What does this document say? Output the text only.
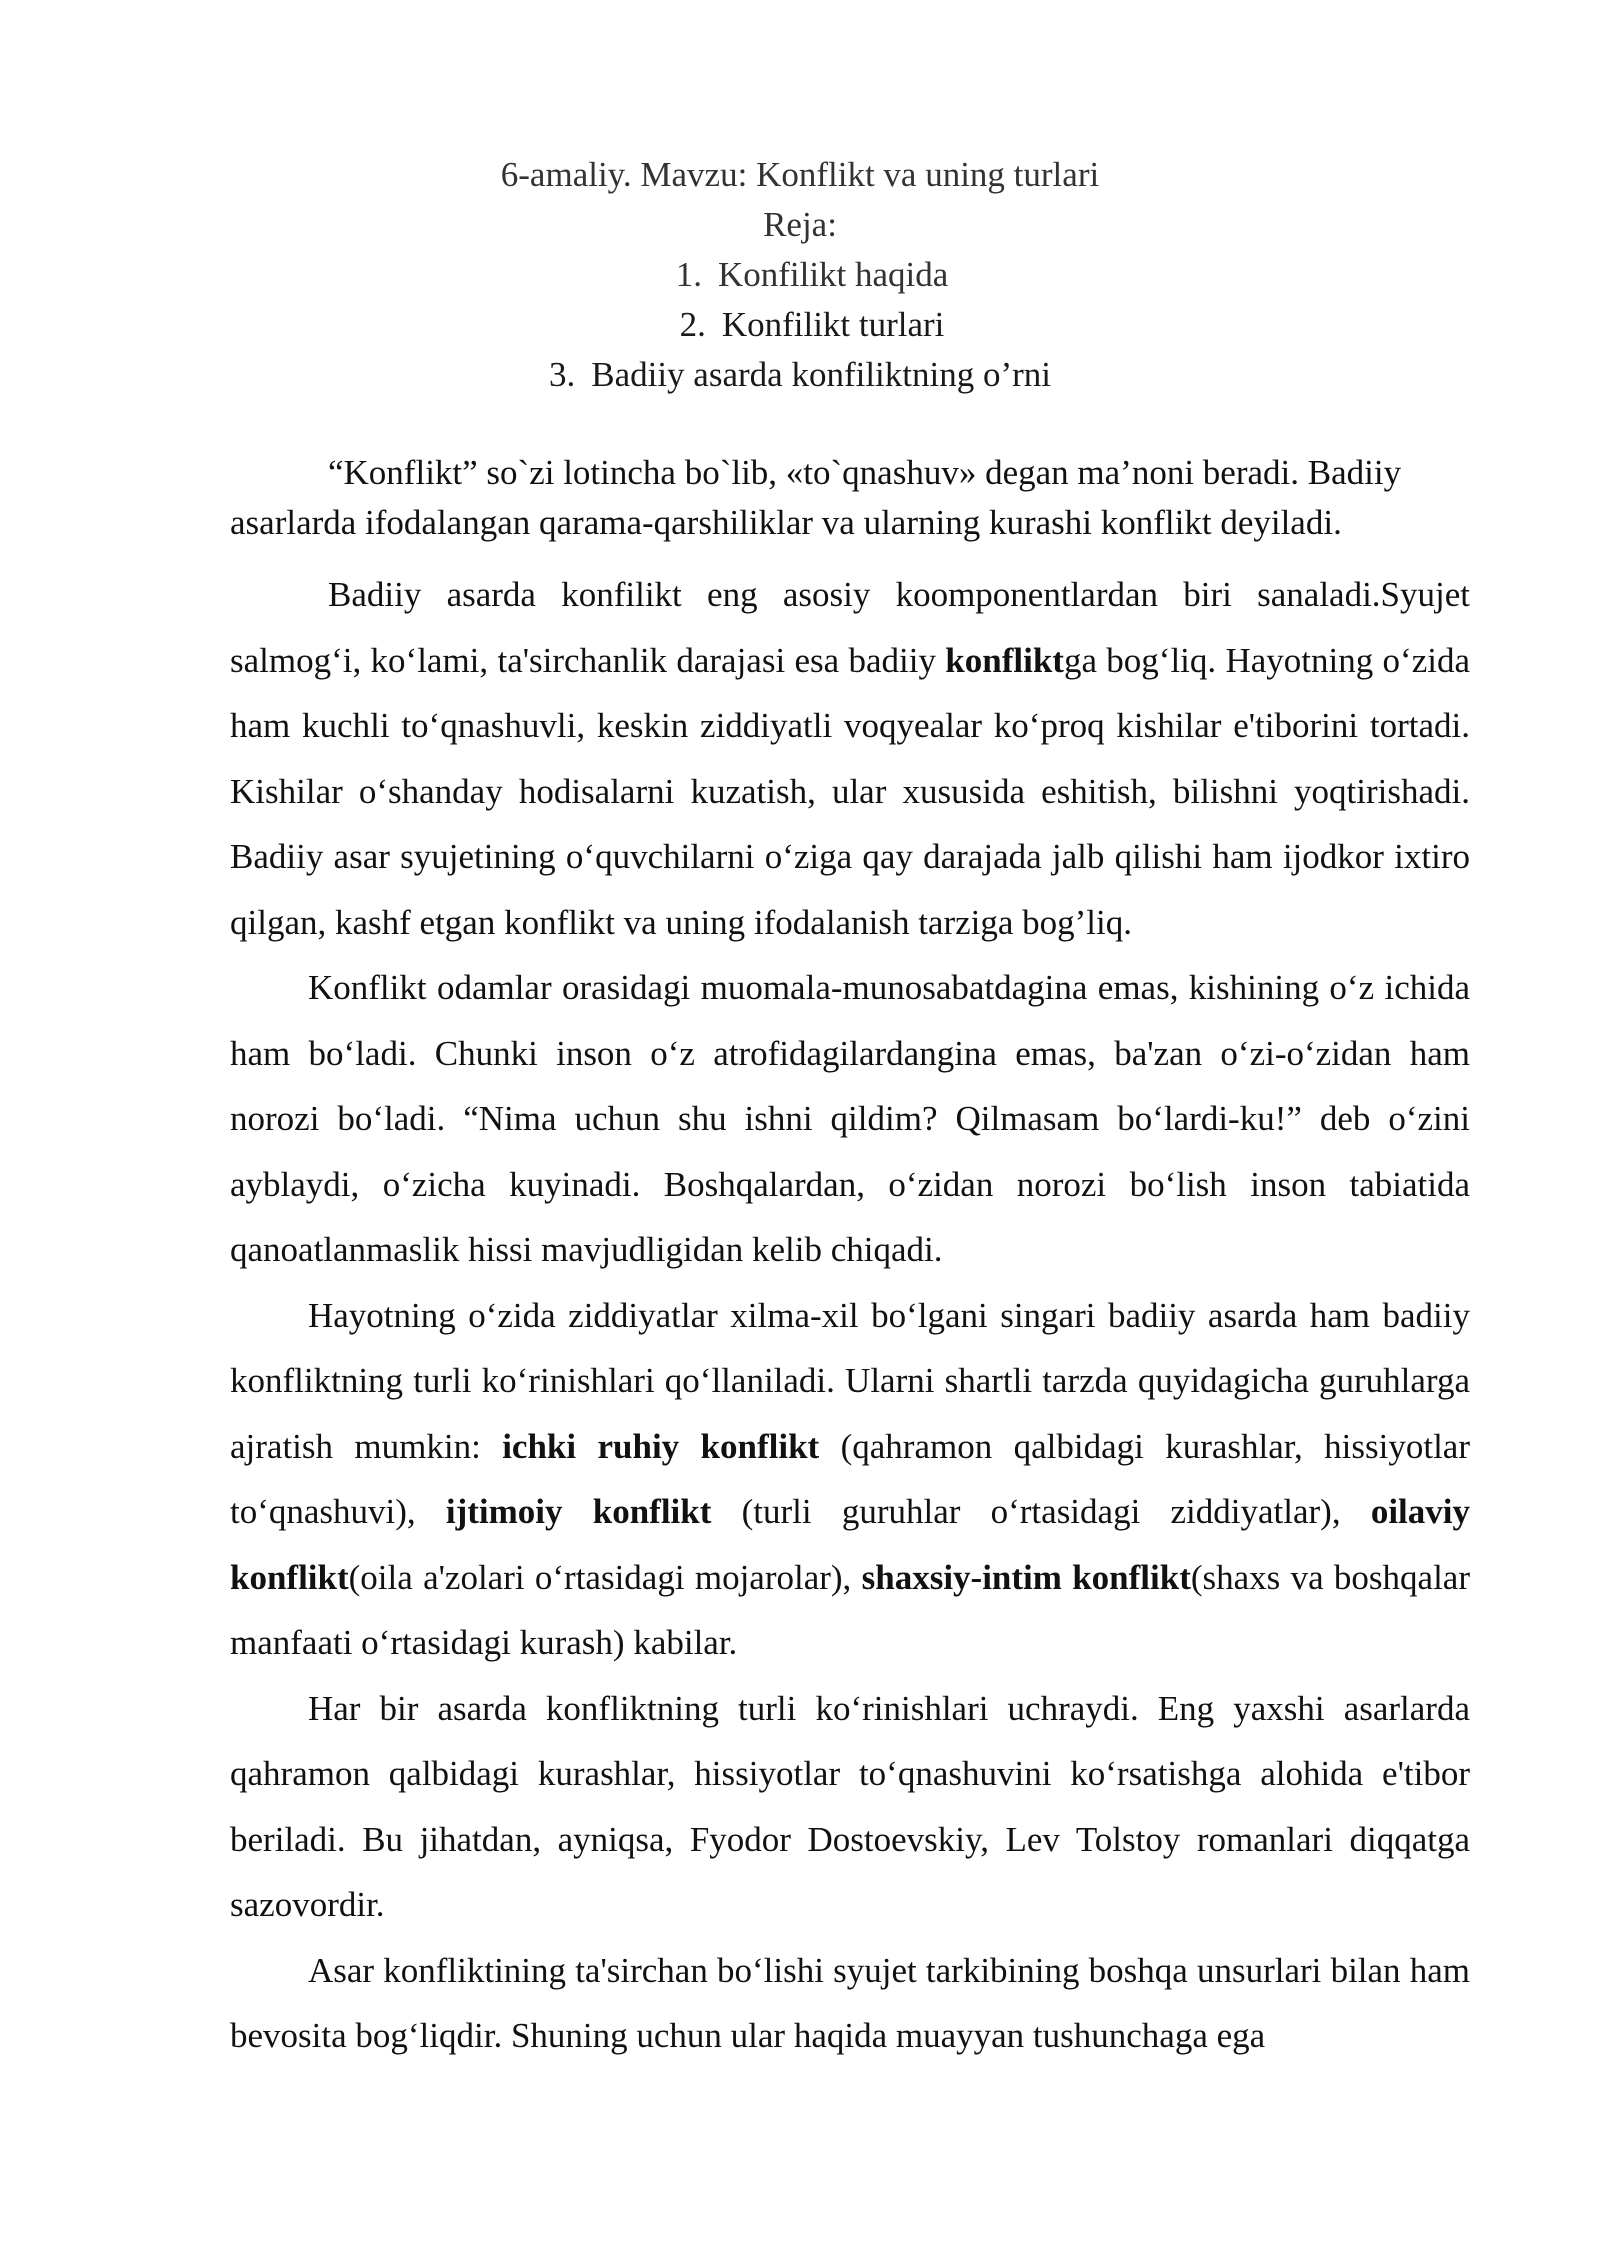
6-amaliy. Mavzu: Konflikt va uning turlari
Reja:
1. Konfilikt haqida
2. Konfilikt turlari
3. Badiiy asarda konfiliktning o’rni

“Konflikt” so`zi lotincha bo`lib, «to`qnashuv» degan ma’noni beradi. Badiiy

asarlarda ifodalangan qarama-qarshiliklar va ularning kurashi konflikt deyiladi.

Badiiy asarda konfilikt eng asosiy koomponentlardan biri sanaladi.Syujet salmog‘i, ko‘lami, ta'sirchanlik darajasi esa badiiy konfliktga bog‘liq. Hayotning o‘zida ham kuchli to‘qnashuvli, keskin ziddiyatli voqyealar ko‘proq kishilar e'tiborini tortadi. Kishilar o‘shanday hodisalarni kuzatish, ular xususida eshitish, bilishni yoqtirishadi. Badiiy asar syujetining o‘quvchilarni o‘ziga qay darajada jalb qilishi ham ijodkor ixtiro qilgan, kashf etgan konflikt va uning ifodalanish tarziga bog’liq.

Konflikt odamlar orasidagi muomala-munosabatdagina emas, kishining o‘z ichida ham bo‘ladi. Chunki inson o‘z atrofidagilardangina emas, ba'zan o‘zi-o‘zidan ham norozi bo‘ladi. “Nima uchun shu ishni qildim? Qilmasam bo‘lardi-ku!” deb o‘zini ayblaydi, o‘zicha kuyinadi. Boshqalardan, o‘zidan norozi bo‘lish inson tabiatida qanoatlanmaslik hissi mavjudligidan kelib chiqadi.

Hayotning o‘zida ziddiyatlar xilma-xil bo‘lgani singari badiiy asarda ham badiiy konfliktning turli ko‘rinishlari qo‘llaniladi. Ularni shartli tarzda quyidagicha guruhlarga ajratish mumkin: ichki ruhiy konflikt (qahramon qalbidagi kurashlar, hissiyotlar to‘qnashuvi), ijtimoiy konflikt (turli guruhlar o‘rtasidagi ziddiyatlar), oilaviy konflikt(oila a'zolari o‘rtasidagi mojarolar), shaxsiy-intim konflikt(shaxs va boshqalar manfaati o‘rtasidagi kurash) kabilar.

Har bir asarda konfliktning turli ko‘rinishlari uchraydi. Eng yaxshi asarlarda qahramon qalbidagi kurashlar, hissiyotlar to‘qnashuvini ko‘rsatishga alohida e'tibor beriladi. Bu jihatdan, ayniqsa, Fyodor Dostoevskiy, Lev Tolstoy romanlari diqqatga sazovordir.

Asar konfliktining ta'sirchan bo‘lishi syujet tarkibining boshqa unsurlari bilan ham bevosita bog‘liqdir. Shuning uchun ular haqida muayyan tushunchaga ega
